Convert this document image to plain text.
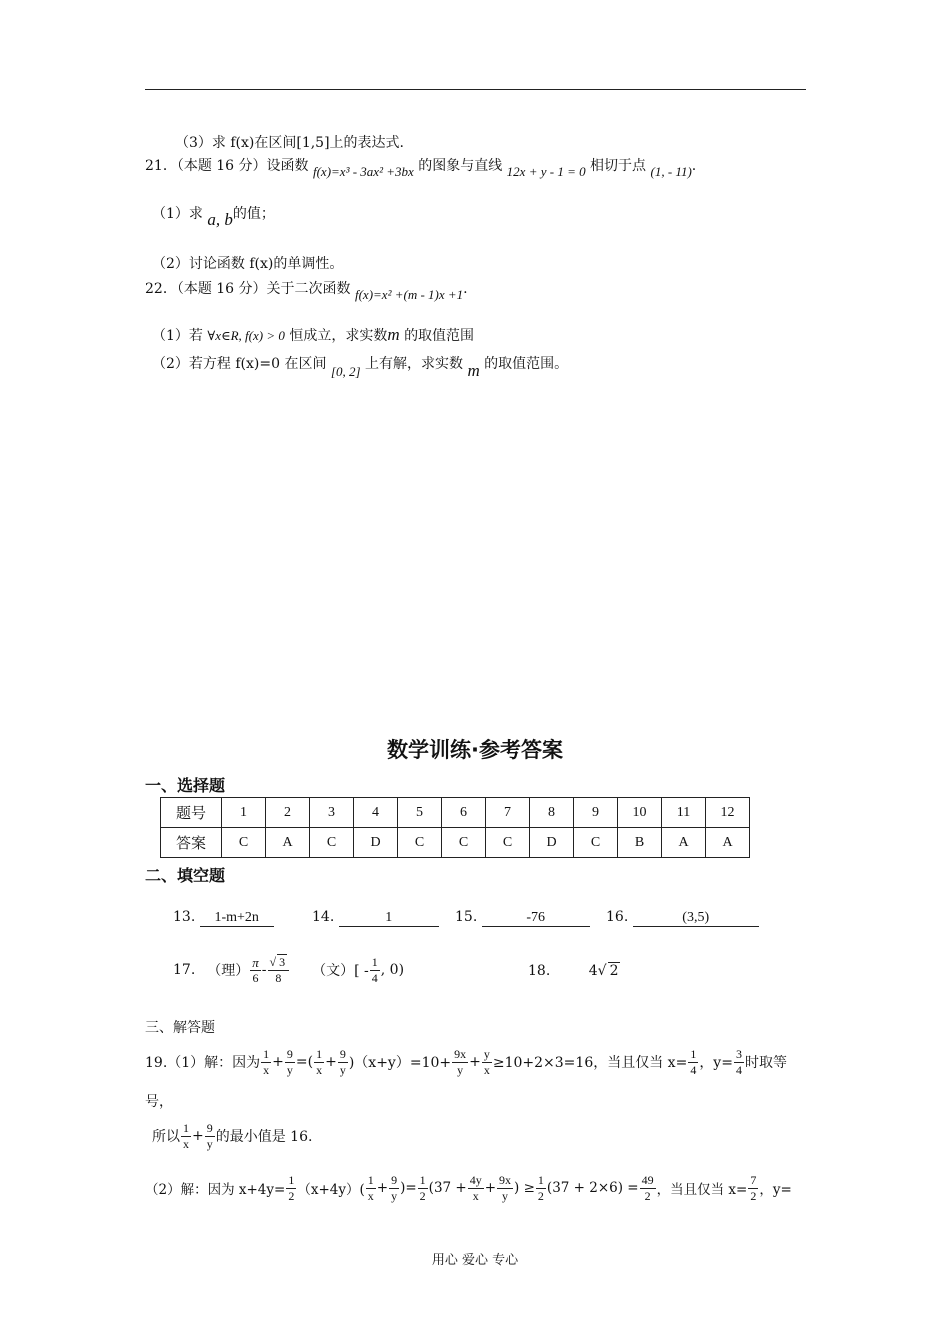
（3）求 f(x)在区间[1,5]上的表达式.
21．（本题 16 分）设函数 f(x)=x³ - 3ax² +3bx 的图象与直线 12x + y - 1 = 0 相切于点 (1, - 11).
（1）求 a, b的值；
（2）讨论函数 f(x)的单调性。
22．（本题 16 分）关于二次函数 f(x)=x² +(m - 1)x +1.
（1）若 ∀x∈R, f(x) > 0 恒成立，求实数m 的取值范围
（2）若方程 f(x)=0 在区间 [0, 2] 上有解，求实数 m 的取值范围。
数学训练·参考答案
一、选择题
题号	1	2	3	4	5	6	7	8	9	10	11	12
答案	C	A	C	D	C	C	C	D	C	B	A	A
二、填空题
13. 1-m+2n	14.	1	15.	-76	16.	(3,5)
17. （理） $\frac{\pi}{6} - \frac{√ 3}{8}$ （文）[ - $\frac{1}{4}$ , 0)	18.	4√ 2
三、解答题
19.（1）解：因为 $\frac{1}{x} + \frac{9}{y}$ =( $\frac{1}{x} + \frac{9}{y} )(x+y)=10+ \frac{9x}{y} + \frac{y}{x} \ge 10+2\times 3=16$，当且仅当 $x= \frac{1}{4}$ ，$y= \frac{3}{4}$ 时取等
号，
所以 $\frac{1}{x} + \frac{9}{y}$ 的最小值是 16.
（2）解：因为 $x+4y= \frac{1}{2} (x+4y)( \frac{1}{x} + \frac{9}{y}$ )= $\frac{1}{2} (37 + \frac{4y}{x} + \frac{9x}{y}$ ) ≥ $\frac{1}{2} (37 + 2\times 6) = \frac{49}{2}$ ，当且仅当 $x= \frac{7}{2}$ ，y=
用心 爱心 专心
